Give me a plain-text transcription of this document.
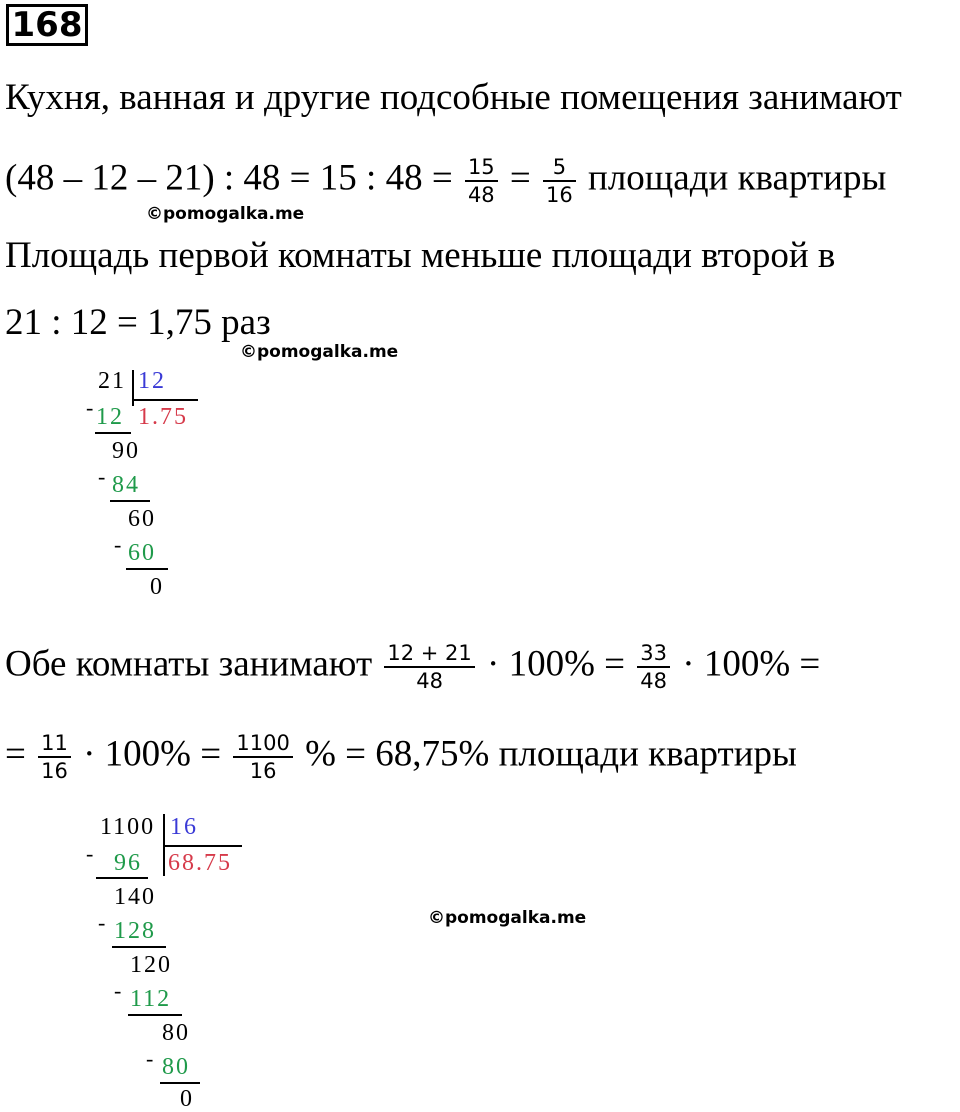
168
Кухня, ванная и другие подсобные помещения занимают
(48 – 12 – 21) : 48 = 15 : $48 = \frac{15}{48} = \frac{5}{16}$ площади квартиры
©pomogalka.me
Площадь первой комнаты меньше площади второй в
21 : 12 = 1,75 раз
©pomogalka.me
21 12
1.75
- 12
90
- 84
60
- 60
0
Обе комнаты занимают $\frac{12 + 21}{48} \cdot 100\% = \frac{33}{48} \cdot 100\%$ =
= $\frac{11}{16} \cdot 100\% = \frac{1100}{16}$ % = 68,75% площади квартиры
1100 16
68.75
- 96
140
- 128
120
- 112
80
- 80
0
©pomogalka.me
